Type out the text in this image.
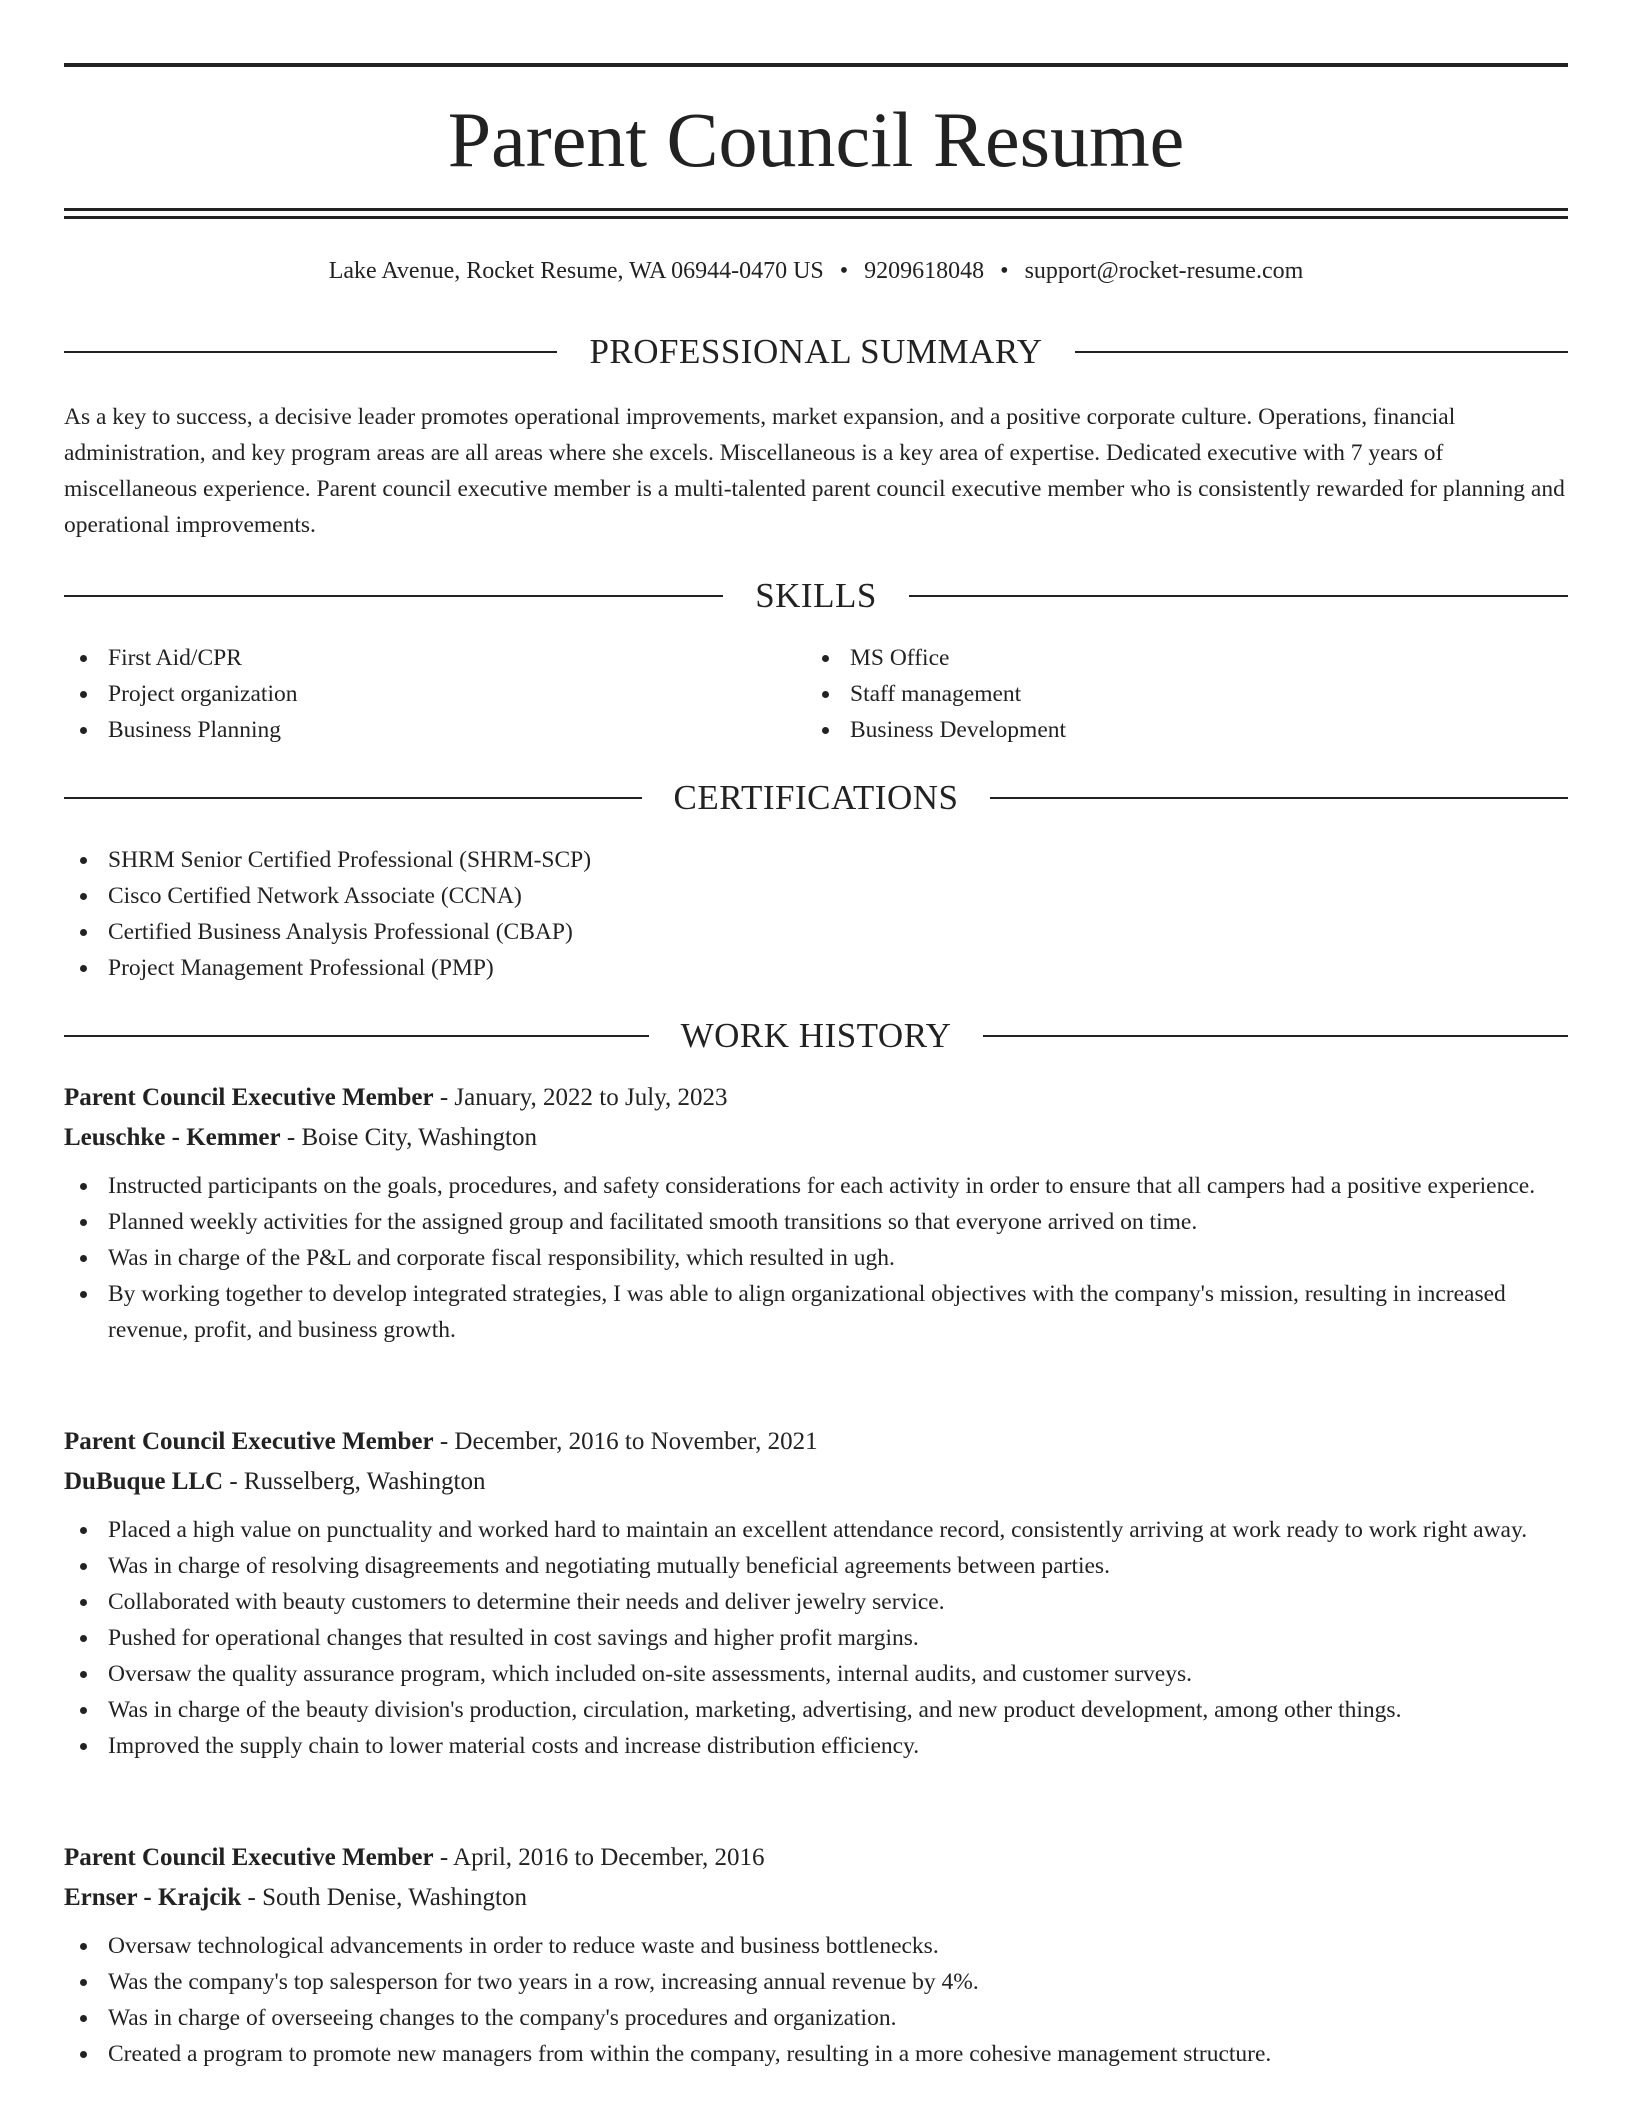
Parent Council Resume
Lake Avenue, Rocket Resume, WA 06944-0470 US • 9209618048 • support@rocket-resume.com
PROFESSIONAL SUMMARY

As a key to success, a decisive leader promotes operational improvements, market expansion, and a positive corporate culture. Operations, financial administration, and key program areas are all areas where she excels. Miscellaneous is a key area of expertise. Dedicated executive with 7 years of miscellaneous experience. Parent council executive member is a multi-talented parent council executive member who is consistently rewarded for planning and operational improvements.

SKILLS
First Aid/CPR
Project organization
Business Planning
MS Office
Staff management
Business Development
CERTIFICATIONS
SHRM Senior Certified Professional (SHRM-SCP)
Cisco Certified Network Associate (CCNA)
Certified Business Analysis Professional (CBAP)
Project Management Professional (PMP)
WORK HISTORY
Parent Council Executive Member - January, 2022 to July, 2023
Leuschke - Kemmer - Boise City, Washington
Instructed participants on the goals, procedures, and safety considerations for each activity in order to ensure that all campers had a positive experience.
Planned weekly activities for the assigned group and facilitated smooth transitions so that everyone arrived on time.
Was in charge of the P&L and corporate fiscal responsibility, which resulted in ugh.
By working together to develop integrated strategies, I was able to align organizational objectives with the company's mission, resulting in increased revenue, profit, and business growth.
Parent Council Executive Member - December, 2016 to November, 2021
DuBuque LLC - Russelberg, Washington
Placed a high value on punctuality and worked hard to maintain an excellent attendance record, consistently arriving at work ready to work right away.
Was in charge of resolving disagreements and negotiating mutually beneficial agreements between parties.
Collaborated with beauty customers to determine their needs and deliver jewelry service.
Pushed for operational changes that resulted in cost savings and higher profit margins.
Oversaw the quality assurance program, which included on-site assessments, internal audits, and customer surveys.
Was in charge of the beauty division's production, circulation, marketing, advertising, and new product development, among other things.
Improved the supply chain to lower material costs and increase distribution efficiency.
Parent Council Executive Member - April, 2016 to December, 2016
Ernser - Krajcik - South Denise, Washington
Oversaw technological advancements in order to reduce waste and business bottlenecks.
Was the company's top salesperson for two years in a row, increasing annual revenue by 4%.
Was in charge of overseeing changes to the company's procedures and organization.
Created a program to promote new managers from within the company, resulting in a more cohesive management structure.
